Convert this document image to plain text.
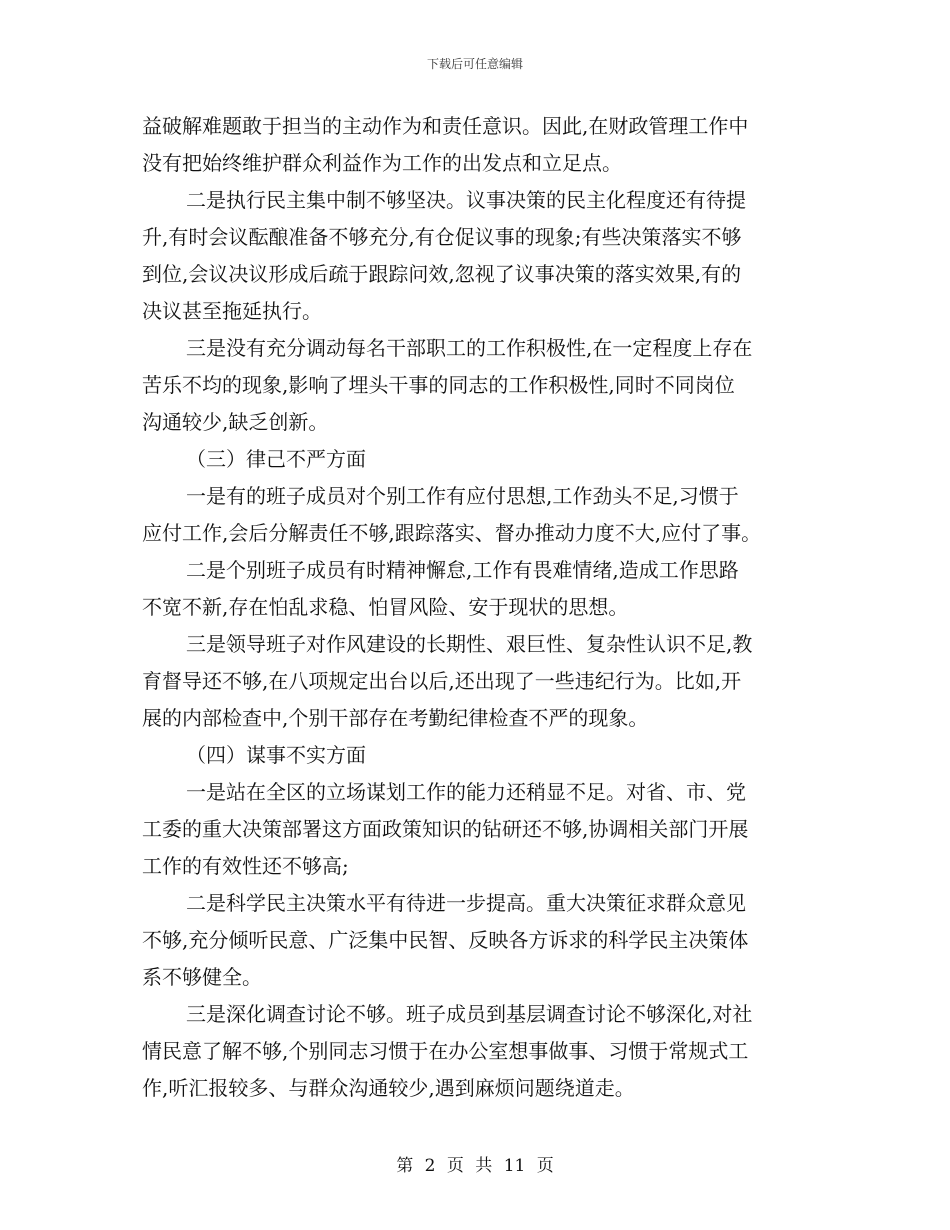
下载后可任意编辑
益破解难题敢于担当的主动作为和责任意识。因此,在财政管理工作中
没有把始终维护群众利益作为工作的出发点和立足点。
二是执行民主集中制不够坚决。议事决策的民主化程度还有待提
升,有时会议酝酿准备不够充分,有仓促议事的现象;有些决策落实不够
到位,会议决议形成后疏于跟踪问效,忽视了议事决策的落实效果,有的
决议甚至拖延执行。
三是没有充分调动每名干部职工的工作积极性,在一定程度上存在
苦乐不均的现象,影响了埋头干事的同志的工作积极性,同时不同岗位
沟通较少,缺乏创新。
（三）律己不严方面
一是有的班子成员对个别工作有应付思想,工作劲头不足,习惯于
应付工作,会后分解责任不够,跟踪落实、督办推动力度不大,应付了事。
二是个别班子成员有时精神懈怠,工作有畏难情绪,造成工作思路
不宽不新,存在怕乱求稳、怕冒风险、安于现状的思想。
三是领导班子对作风建设的长期性、艰巨性、复杂性认识不足,教
育督导还不够,在八项规定出台以后,还出现了一些违纪行为。比如,开
展的内部检查中,个别干部存在考勤纪律检查不严的现象。
（四）谋事不实方面
一是站在全区的立场谋划工作的能力还稍显不足。对省、市、党
工委的重大决策部署这方面政策知识的钻研还不够,协调相关部门开展
工作的有效性还不够高;
二是科学民主决策水平有待进一步提高。重大决策征求群众意见
不够,充分倾听民意、广泛集中民智、反映各方诉求的科学民主决策体
系不够健全。
三是深化调查讨论不够。班子成员到基层调查讨论不够深化,对社
情民意了解不够,个别同志习惯于在办公室想事做事、习惯于常规式工
作,听汇报较多、与群众沟通较少,遇到麻烦问题绕道走。
第 2 页 共 11 页
